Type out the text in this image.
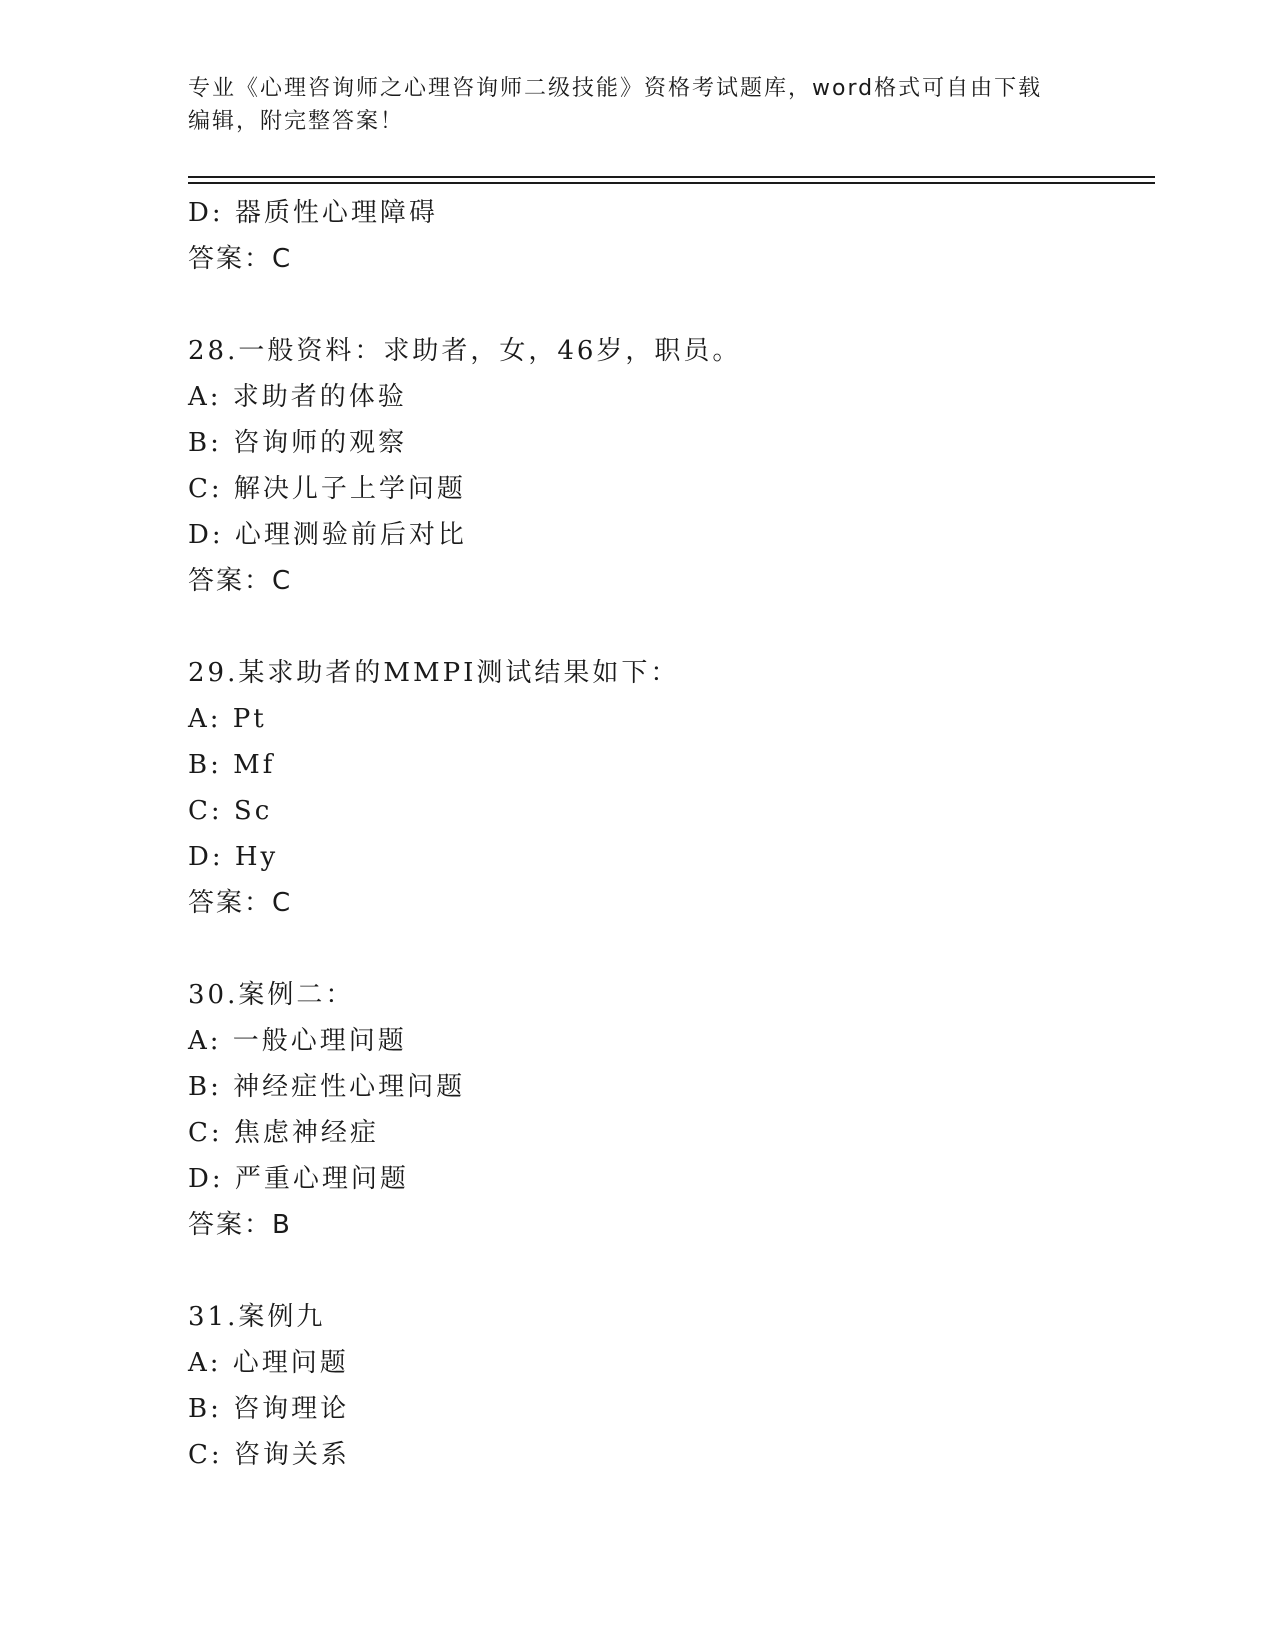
专业《心理咨询师之心理咨询师二级技能》资格考试题库，word格式可自由下载
编辑，附完整答案！
D: 器质性心理障碍
答案：C
28.一般资料：求助者，女，46岁，职员。
A: 求助者的体验
B: 咨询师的观察
C: 解决儿子上学问题
D: 心理测验前后对比
答案：C
29.某求助者的MMPI测试结果如下：
A: Pt
B: Mf
C: Sc
D: Hy
答案：C
30.案例二：
A: 一般心理问题
B: 神经症性心理问题
C: 焦虑神经症
D: 严重心理问题
答案：B
31.案例九
A: 心理问题
B: 咨询理论
C: 咨询关系
